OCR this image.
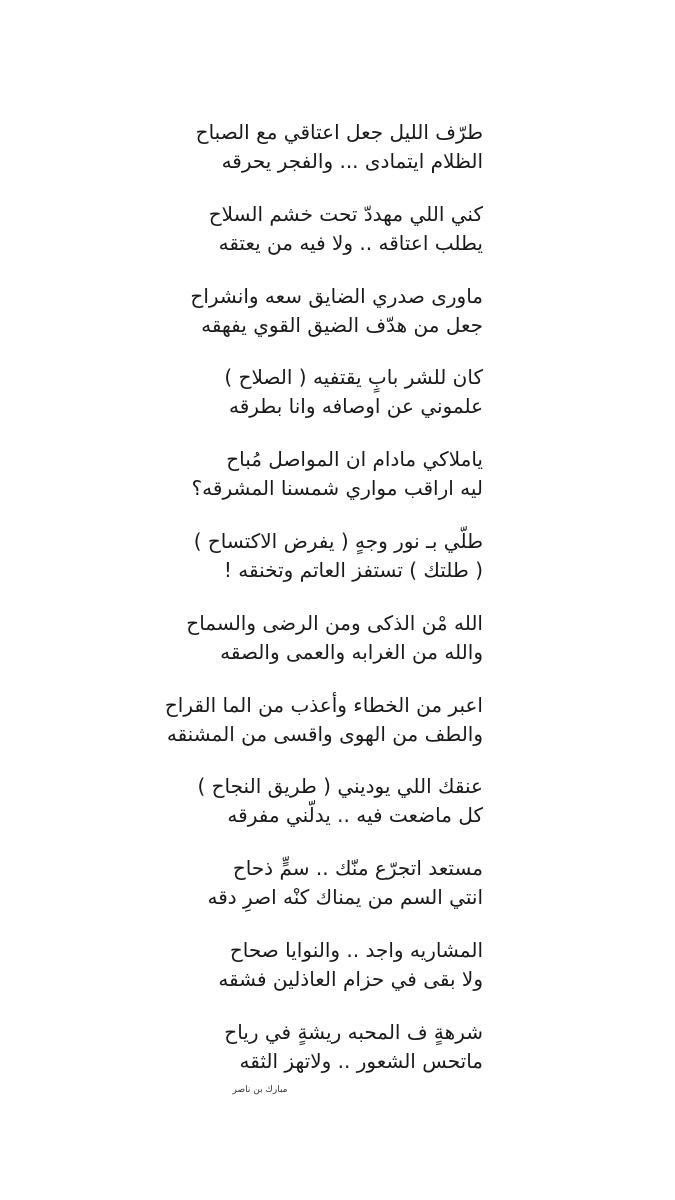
طرّف الليل جعل اعتاقي مع الصباح
الظلام ايتمادى ... والفجر يحرقه
كني اللي مهددّ تحت خشم السلاح
يطلب اعتاقه .. ولا فيه من يعتقه
ماورى صدري الضايق سعه وانشراح
جعل من هدّف الضيق القوي يفهقه
كان للشر بابٍ يقتفيه ( الصلاح )
علموني عن اوصافه وانا بطرقه
ياملاكي مادام ان المواصل مُباح
ليه اراقب مواري شمسنا المشرقه؟
طلّي بـ نور وجهٍ ( يفرض الاكتساح )
( طلتك ) تستفز العاتم وتخنقه !
الله مْن الذكى ومن الرضى والسماح
والله من الغرابه والعمى والصقه
اعبر من الخطاء وأعذب من الما القراح
والطف من الهوى واقسى من المشنقه
عنقك اللي يوديني ( طريق النجاح )
كل ماضعت فيه .. يدلّني مفرقه
مستعد اتجرّع منّك .. سمٍّ ذحاح
انتي السم من يمناك كنْه اصرِ دقه
المشاريه واجد .. والنوايا صحاح
ولا بقى في حزام العاذلين فشقه
شرهةٍ ف المحبه ريشةٍ في رياح
ماتحس الشعور .. ولاتهز الثقه
مبارك بن ناصر
